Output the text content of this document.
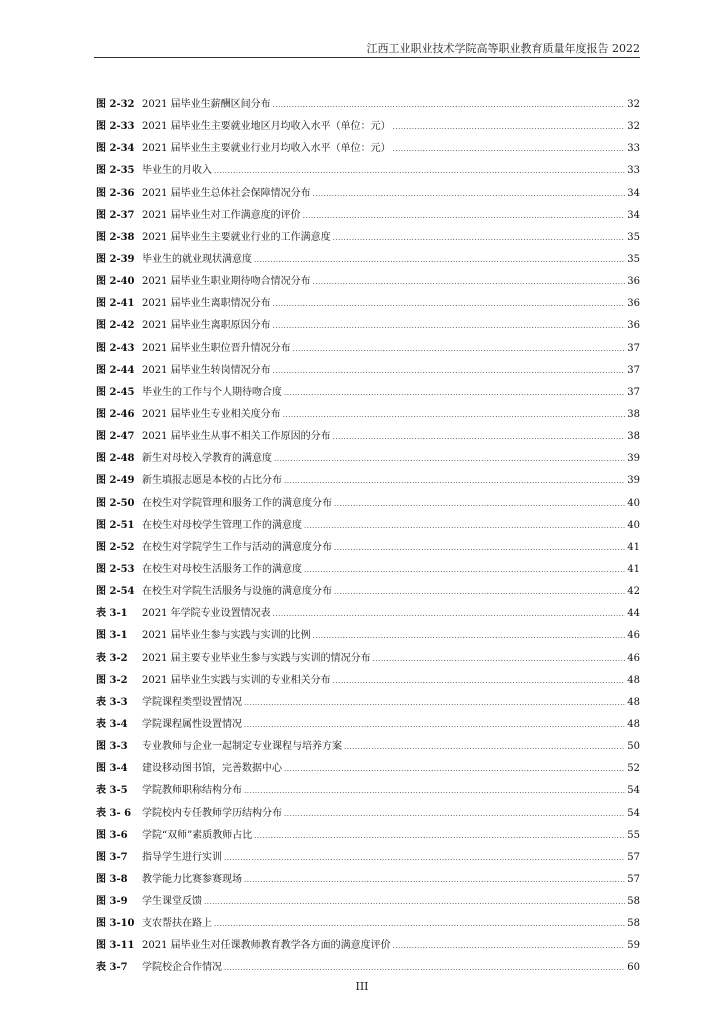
江西工业职业技术学院高等职业教育质量年度报告 2022
图 2-32 2021 届毕业生薪酬区间分布 .....	32
图 2-33 2021 届毕业生主要就业地区月均收入水平（单位：元） .....	32
图 2-34 2021 届毕业生主要就业行业月均收入水平（单位：元） .....	33
图 2-35 毕业生的月收入 .....	33
图 2-36 2021 届毕业生总体社会保障情况分布 .....	34
图 2-37 2021 届毕业生对工作满意度的评价 .....	34
图 2-38 2021 届毕业生主要就业行业的工作满意度 .....	35
图 2-39 毕业生的就业现状满意度 .....	35
图 2-40 2021 届毕业生职业期待吻合情况分布 .....	36
图 2-41 2021 届毕业生离职情况分布 .....	36
图 2-42 2021 届毕业生离职原因分布 .....	36
图 2-43 2021 届毕业生职位晋升情况分布 .....	37
图 2-44 2021 届毕业生转岗情况分布 .....	37
图 2-45 毕业生的工作与个人期待吻合度 .....	37
图 2-46 2021 届毕业生专业相关度分布 .....	38
图 2-47 2021 届毕业生从事不相关工作原因的分布 .....	38
图 2-48 新生对母校入学教育的满意度 .....	39
图 2-49 新生填报志愿是本校的占比分布 .....	39
图 2-50 在校生对学院管理和服务工作的满意度分布 .....	40
图 2-51 在校生对母校学生管理工作的满意度 .....	40
图 2-52 在校生对学院学生工作与活动的满意度分布 .....	41
图 2-53 在校生对母校生活服务工作的满意度 .....	41
图 2-54 在校生对学院生活服务与设施的满意度分布 .....	42
表 3-1	2021 年学院专业设置情况表 .....	44
图 3-1	2021 届毕业生参与实践与实训的比例 .....	46
表 3-2	2021 届主要专业毕业生参与实践与实训的情况分布 .....	46
图 3-2	2021 届毕业生实践与实训的专业相关分布 .....	48
表 3-3	学院课程类型设置情况 .....	48
表 3-4	学院课程属性设置情况 .....	48
图 3-3	专业教师与企业一起制定专业课程与培养方案 .....	50
图 3-4	建设移动图书馆，完善数据中心 .....	52
表 3-5	学院教师职称结构分布 .....	54
表 3- 6	学院校内专任教师学历结构分布 .....	54
图 3-6	学院“双师”素质教师占比 .....	55
图 3-7	指导学生进行实训 .....	57
图 3-8	教学能力比赛参赛现场 .....	57
图 3-9	学生课堂反馈 .....	58
图 3-10 支农帮扶在路上 .....	58
图 3-11 2021 届毕业生对任课教师教育教学各方面的满意度评价 .....	59
表 3-7	学院校企合作情况 .....	60
III
